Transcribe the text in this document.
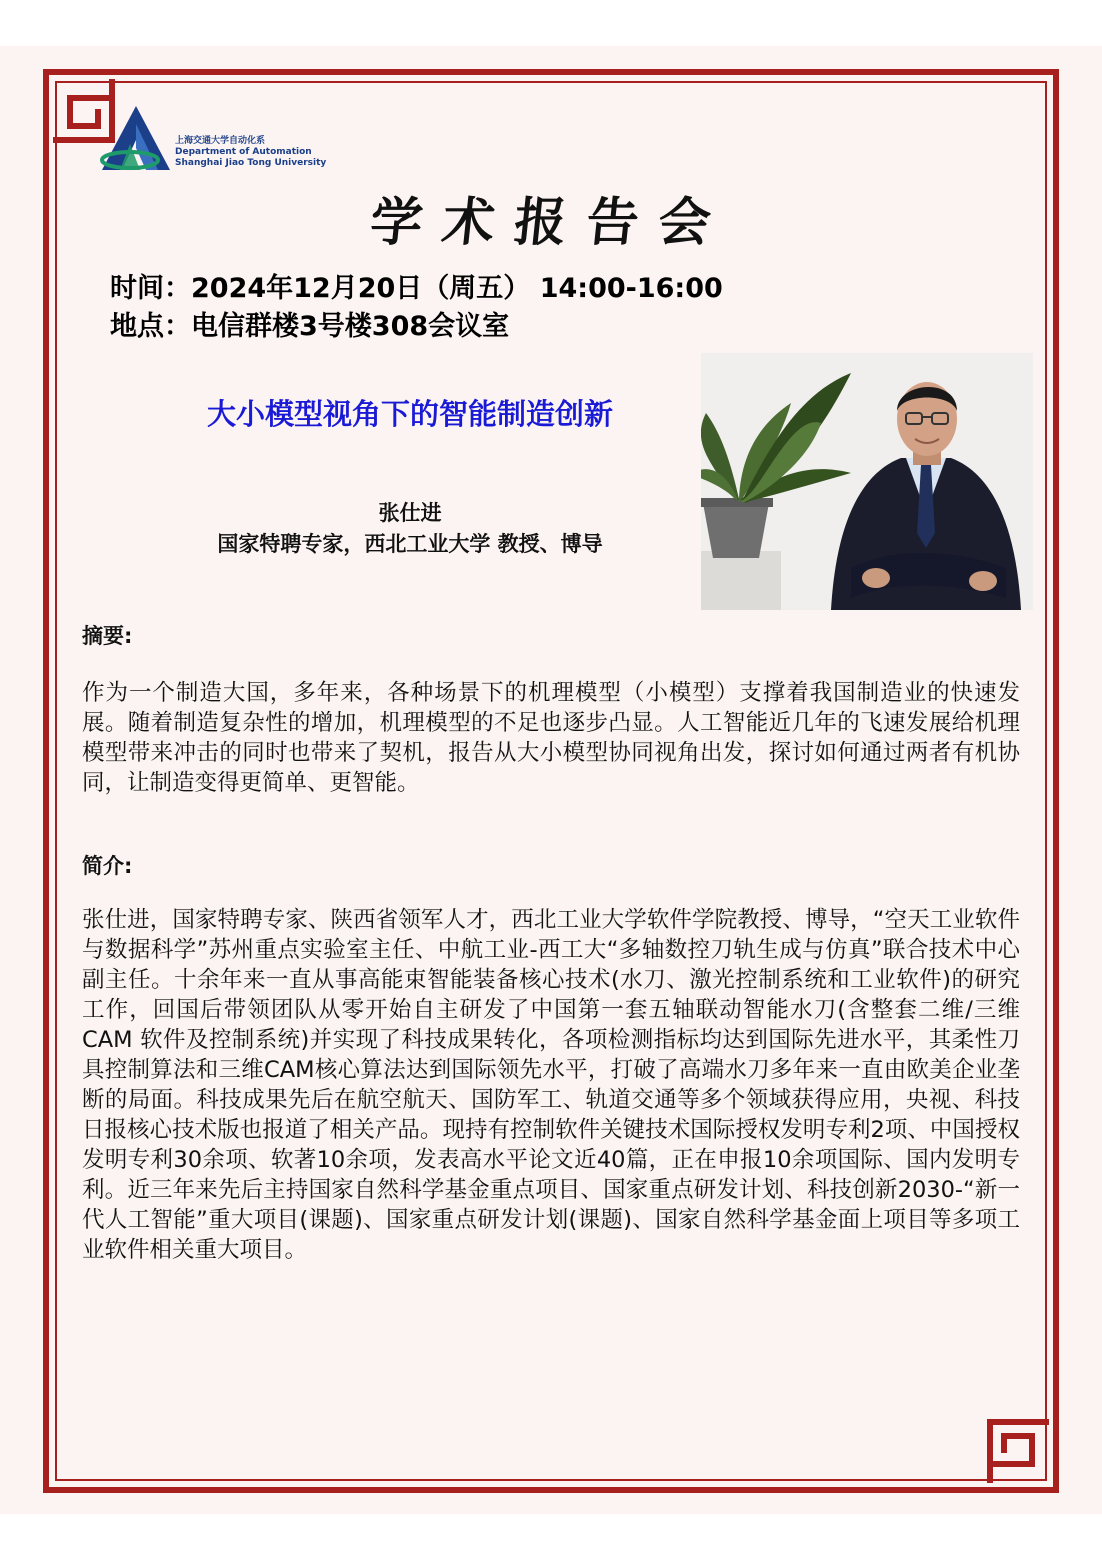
上海交通大学自动化系
Department of Automation
Shanghai Jiao Tong University
学术报告会
时间：2024年12月20日（周五） 14:00-16:00
地点：电信群楼3号楼308会议室
大小模型视角下的智能制造创新
张仕进
国家特聘专家，西北工业大学 教授、博导
摘要:
作为一个制造大国，多年来，各种场景下的机理模型（小模型）支撑着我国制造业的快速发展。随着制造复杂性的增加，机理模型的不足也逐步凸显。人工智能近几年的飞速发展给机理模型带来冲击的同时也带来了契机，报告从大小模型协同视角出发，探讨如何通过两者有机协同，让制造变得更简单、更智能。
简介:
张仕进，国家特聘专家、陕西省领军人才，西北工业大学软件学院教授、博导，“空天工业软件与数据科学”苏州重点实验室主任、中航工业-西工大“多轴数控刀轨生成与仿真”联合技术中心副主任。十余年来一直从事高能束智能装备核心技术(水刀、激光控制系统和工业软件)的研究工作，回国后带领团队从零开始自主研发了中国第一套五轴联动智能水刀(含整套二维/三维 CAM 软件及控制系统)并实现了科技成果转化，各项检测指标均达到国际先进水平，其柔性刀具控制算法和三维CAM核心算法达到国际领先水平，打破了高端水刀多年来一直由欧美企业垄断的局面。科技成果先后在航空航天、国防军工、轨道交通等多个领域获得应用，央视、科技日报核心技术版也报道了相关产品。现持有控制软件关键技术国际授权发明专利2项、中国授权发明专利30余项、软著10余项，发表高水平论文近40篇，正在申报10余项国际、国内发明专利。近三年来先后主持国家自然科学基金重点项目、国家重点研发计划、科技创新2030-“新一代人工智能”重大项目(课题)、国家重点研发计划(课题)、国家自然科学基金面上项目等多项工业软件相关重大项目。
